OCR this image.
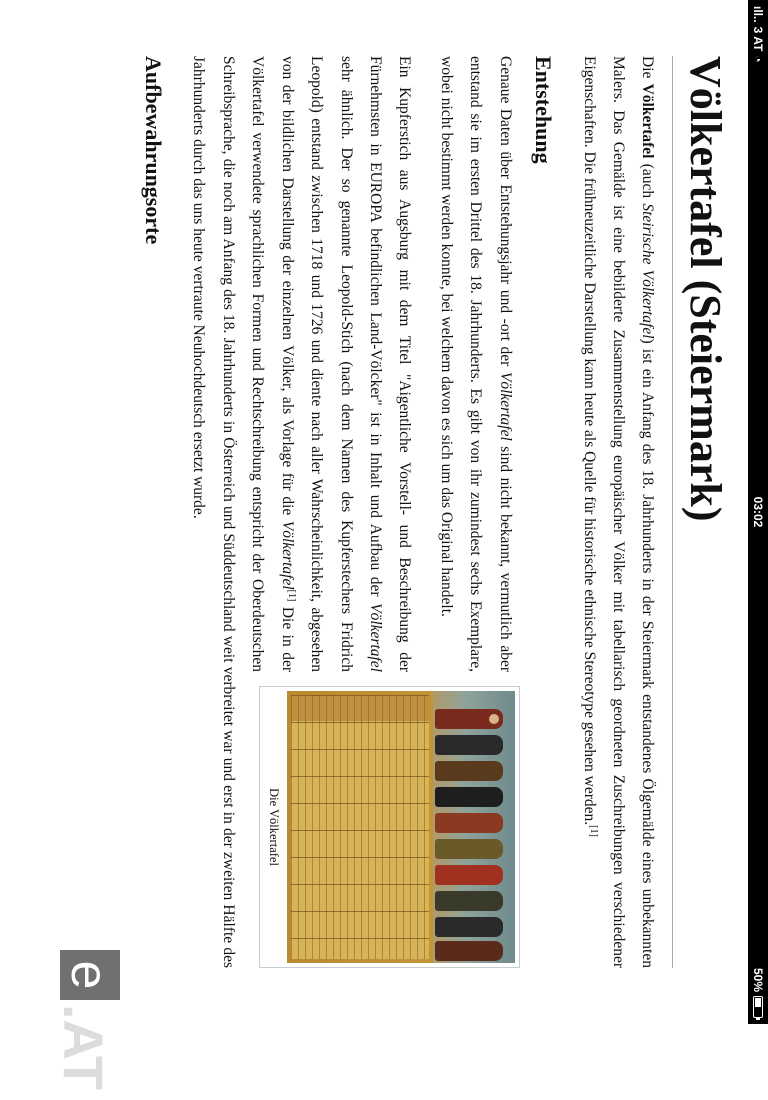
ıll..
3 AT
◔
03:02
50%
Völkertafel (Steiermark)

Die Völkertafel (auch Steirische Völkertafel) ist ein Anfang des 18. Jahrhunderts in der Steiermark entstandenes Ölgemälde eines unbekannten Malers. Das Gemälde ist eine bebilderte Zusammenstellung europäischer Völker mit tabellarisch geordneten Zuschreibungen verschiedener Eigenschaften. Die frühneuzeitliche Darstellung kann heute als Quelle für historische ethnische Stereotype gesehen werden.[1]

Entstehung
Die Völkertafel

Genaue Daten über Entstehungsjahr und -ort der Völkertafel sind nicht bekannt, vermutlich aber entstand sie im ersten Drittel des 18. Jahrhunderts. Es gibt von ihr zumindest sechs Exemplare, wobei nicht bestimmt werden konnte, bei welchem davon es sich um das Original handelt.

Ein Kupferstich aus Augsburg mit dem Titel "Aigentliche Vorstell- und Beschreibung der Fürnehmsten in EUROPA befindlichen Land-Völcker" ist in Inhalt und Aufbau der Völkertafel sehr ähnlich. Der so genannte Leopold-Stich (nach dem Namen des Kupferstechers Fridrich Leopold) entstand zwischen 1718 und 1726 und diente nach aller Wahrscheinlichkeit, abgesehen von der bildlichen Darstellung der einzelnen Völker, als Vorlage für die Völkertafel[1] Die in der Völkertafel verwendete sprachlichen Formen und Rechtschreibung entspricht der Oberdeutschen Schreibsprache, die noch am Anfang des 18. Jahrhunderts in Österreich und Süddeutschland weit verbreitet war und erst in der zweiten Hälfte des Jahrhunderts durch das uns heute vertraute Neuhochdeutsch ersetzt wurde.

Aufbewahrungsorte
e
.AT
